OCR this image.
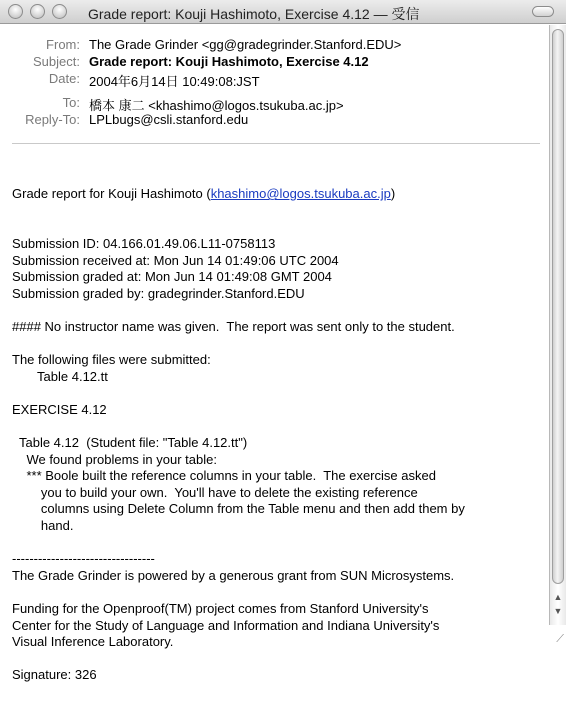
Grade report: Kouji Hashimoto, Exercise 4.12 — 受信
From: The Grade Grinder <gg@gradegrinder.Stanford.EDU>
Subject: Grade report: Kouji Hashimoto, Exercise 4.12
Date: 2004年6月14日 10:49:08:JST
To: 橋本 康二 <khashimo@logos.tsukuba.ac.jp>
Reply-To: LPLbugs@csli.stanford.edu

Grade report for Kouji Hashimoto (khashimo@logos.tsukuba.ac.jp)

Submission ID: 04.166.01.49.06.L11-0758113
Submission received at: Mon Jun 14 01:49:06 UTC 2004
Submission graded at: Mon Jun 14 01:49:08 GMT 2004
Submission graded by: gradegrinder.Stanford.EDU
#### No instructor name was given.  The report was sent only to the student.
The following files were submitted:
Table 4.12.tt
EXERCISE 4.12
Table 4.12  (Student file: "Table 4.12.tt")
We found problems in your table:
*** Boole built the reference columns in your table.  The exercise asked
you to build your own.  You'll have to delete the existing reference
columns using Delete Column from the Table menu and then add them by
hand.
---------------------------------
The Grade Grinder is powered by a generous grant from SUN Microsystems.
Funding for the Openproof(TM) project comes from Stanford University's
Center for the Study of Language and Information and Indiana University's
Visual Inference Laboratory.
Signature: 326

▲
▼
⟋
